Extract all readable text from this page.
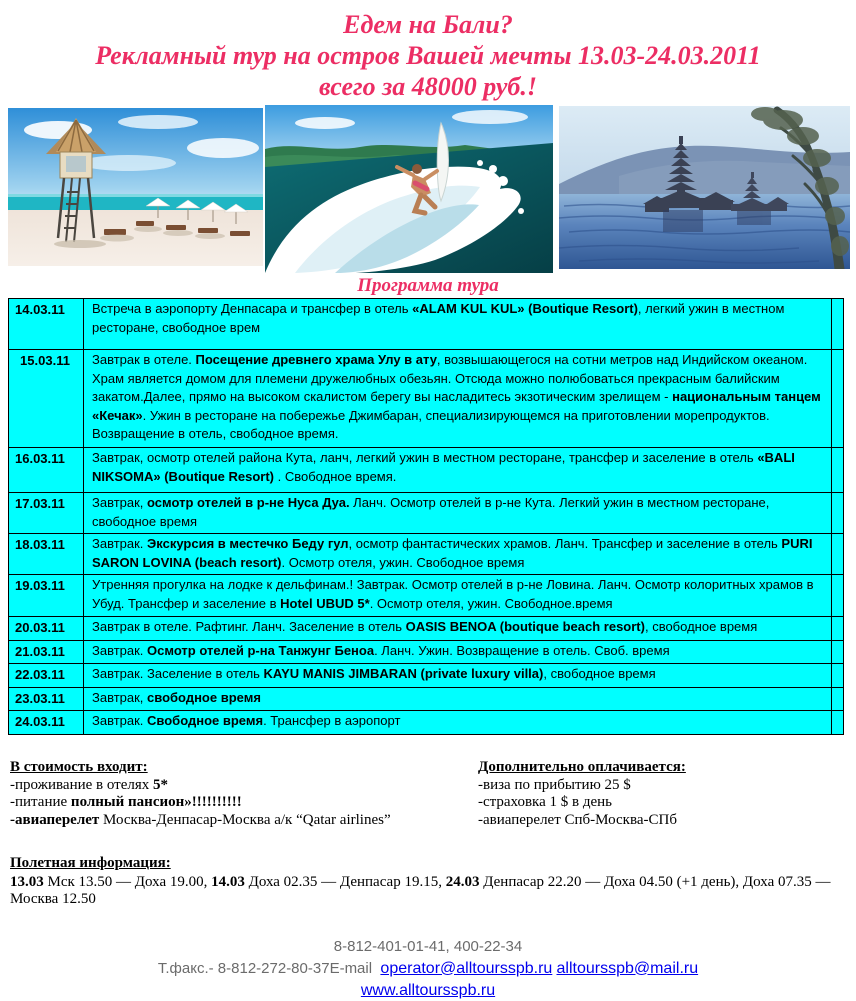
Едем на Бали?
Рекламный тур на остров Вашей мечты 13.03-24.03.2011
всего за 48000 руб.!
Программа тура
14.03.11	Встреча в аэропорту Денпасара и трансфер в отель «ALAM KUL KUL» (Boutique Resort), легкий ужин в местном ресторане, свободное врем	
15.03.11	Завтрак в отеле. Посещение древнего храма Улу в ату, возвышающегося на сотни метров над Индийском океаном. Храм является домом для племени дружелюбных обезьян. Отсюда можно полюбоваться прекрасным балийским закатом.Далее, прямо на высоком скалистом берегу вы насладитесь экзотическим зрелищем - национальным танцем «Кечак». Ужин в ресторане на побережье Джимбаран, специализирующемся на приготовлении морепродуктов. Возвращение в отель, свободное время.	
16.03.11	Завтрак, осмотр отелей района Кута, ланч, легкий ужин в местном ресторане, трансфер и заселение в отель «BALI NIKSOMA» (Boutique Resort) . Свободное время.	
17.03.11	Завтрак, осмотр отелей в р-не Нуса Дуа. Ланч. Осмотр отелей в р-не Кута. Легкий ужин в местном ресторане, свободное время	
18.03.11	Завтрак. Экскурсия в местечко Беду гул, осмотр фантастических храмов. Ланч. Трансфер и заселение в отель PURI SARON LOVINA (beach resort). Осмотр отеля, ужин. Свободное время	
19.03.11	Утренняя прогулка на лодке к дельфинам.! Завтрак. Осмотр отелей в р-не Ловина. Ланч. Осмотр колоритных храмов в Убуд. Трансфер и заселение в Hotel UBUD 5*. Осмотр отеля, ужин. Свободное.время	
20.03.11	Завтрак в отеле. Рафтинг. Ланч. Заселение в отель OASIS BENOA (boutique beach resort), свободное время	
21.03.11	Завтрак. Осмотр отелей р-на Танжунг Беноа. Ланч. Ужин. Возвращение в отель. Своб. время	
22.03.11	Завтрак. Заселение в отель KAYU MANIS JIMBARAN (private luxury villa), свободное время	
23.03.11	Завтрак, свободное время	
24.03.11	Завтрак. Свободное время. Трансфер в аэропорт	
В стоимость входит:
-проживание в отелях 5*
-питание полный пансион»!!!!!!!!!!
-авиаперелет Москва-Денпасар-Москва а/к “Qatar airlines”
Дополнительно оплачивается:
-виза по прибытию 25 $
-страховка 1 $ в день
-авиаперелет Спб-Москва-СПб
Полетная информация:
13.03 Мск 13.50 — Доха 19.00, 14.03 Доха 02.35 — Денпасар 19.15, 24.03 Денпасар 22.20 — Доха 04.50 (+1 день), Доха 07.35 — Москва 12.50
8-812-401-01-41, 400-22-34
Т.факс.- 8-812-272-80-37E-mail operator@alltoursspb.ru alltoursspb@mail.ru
www.alltoursspb.ru
